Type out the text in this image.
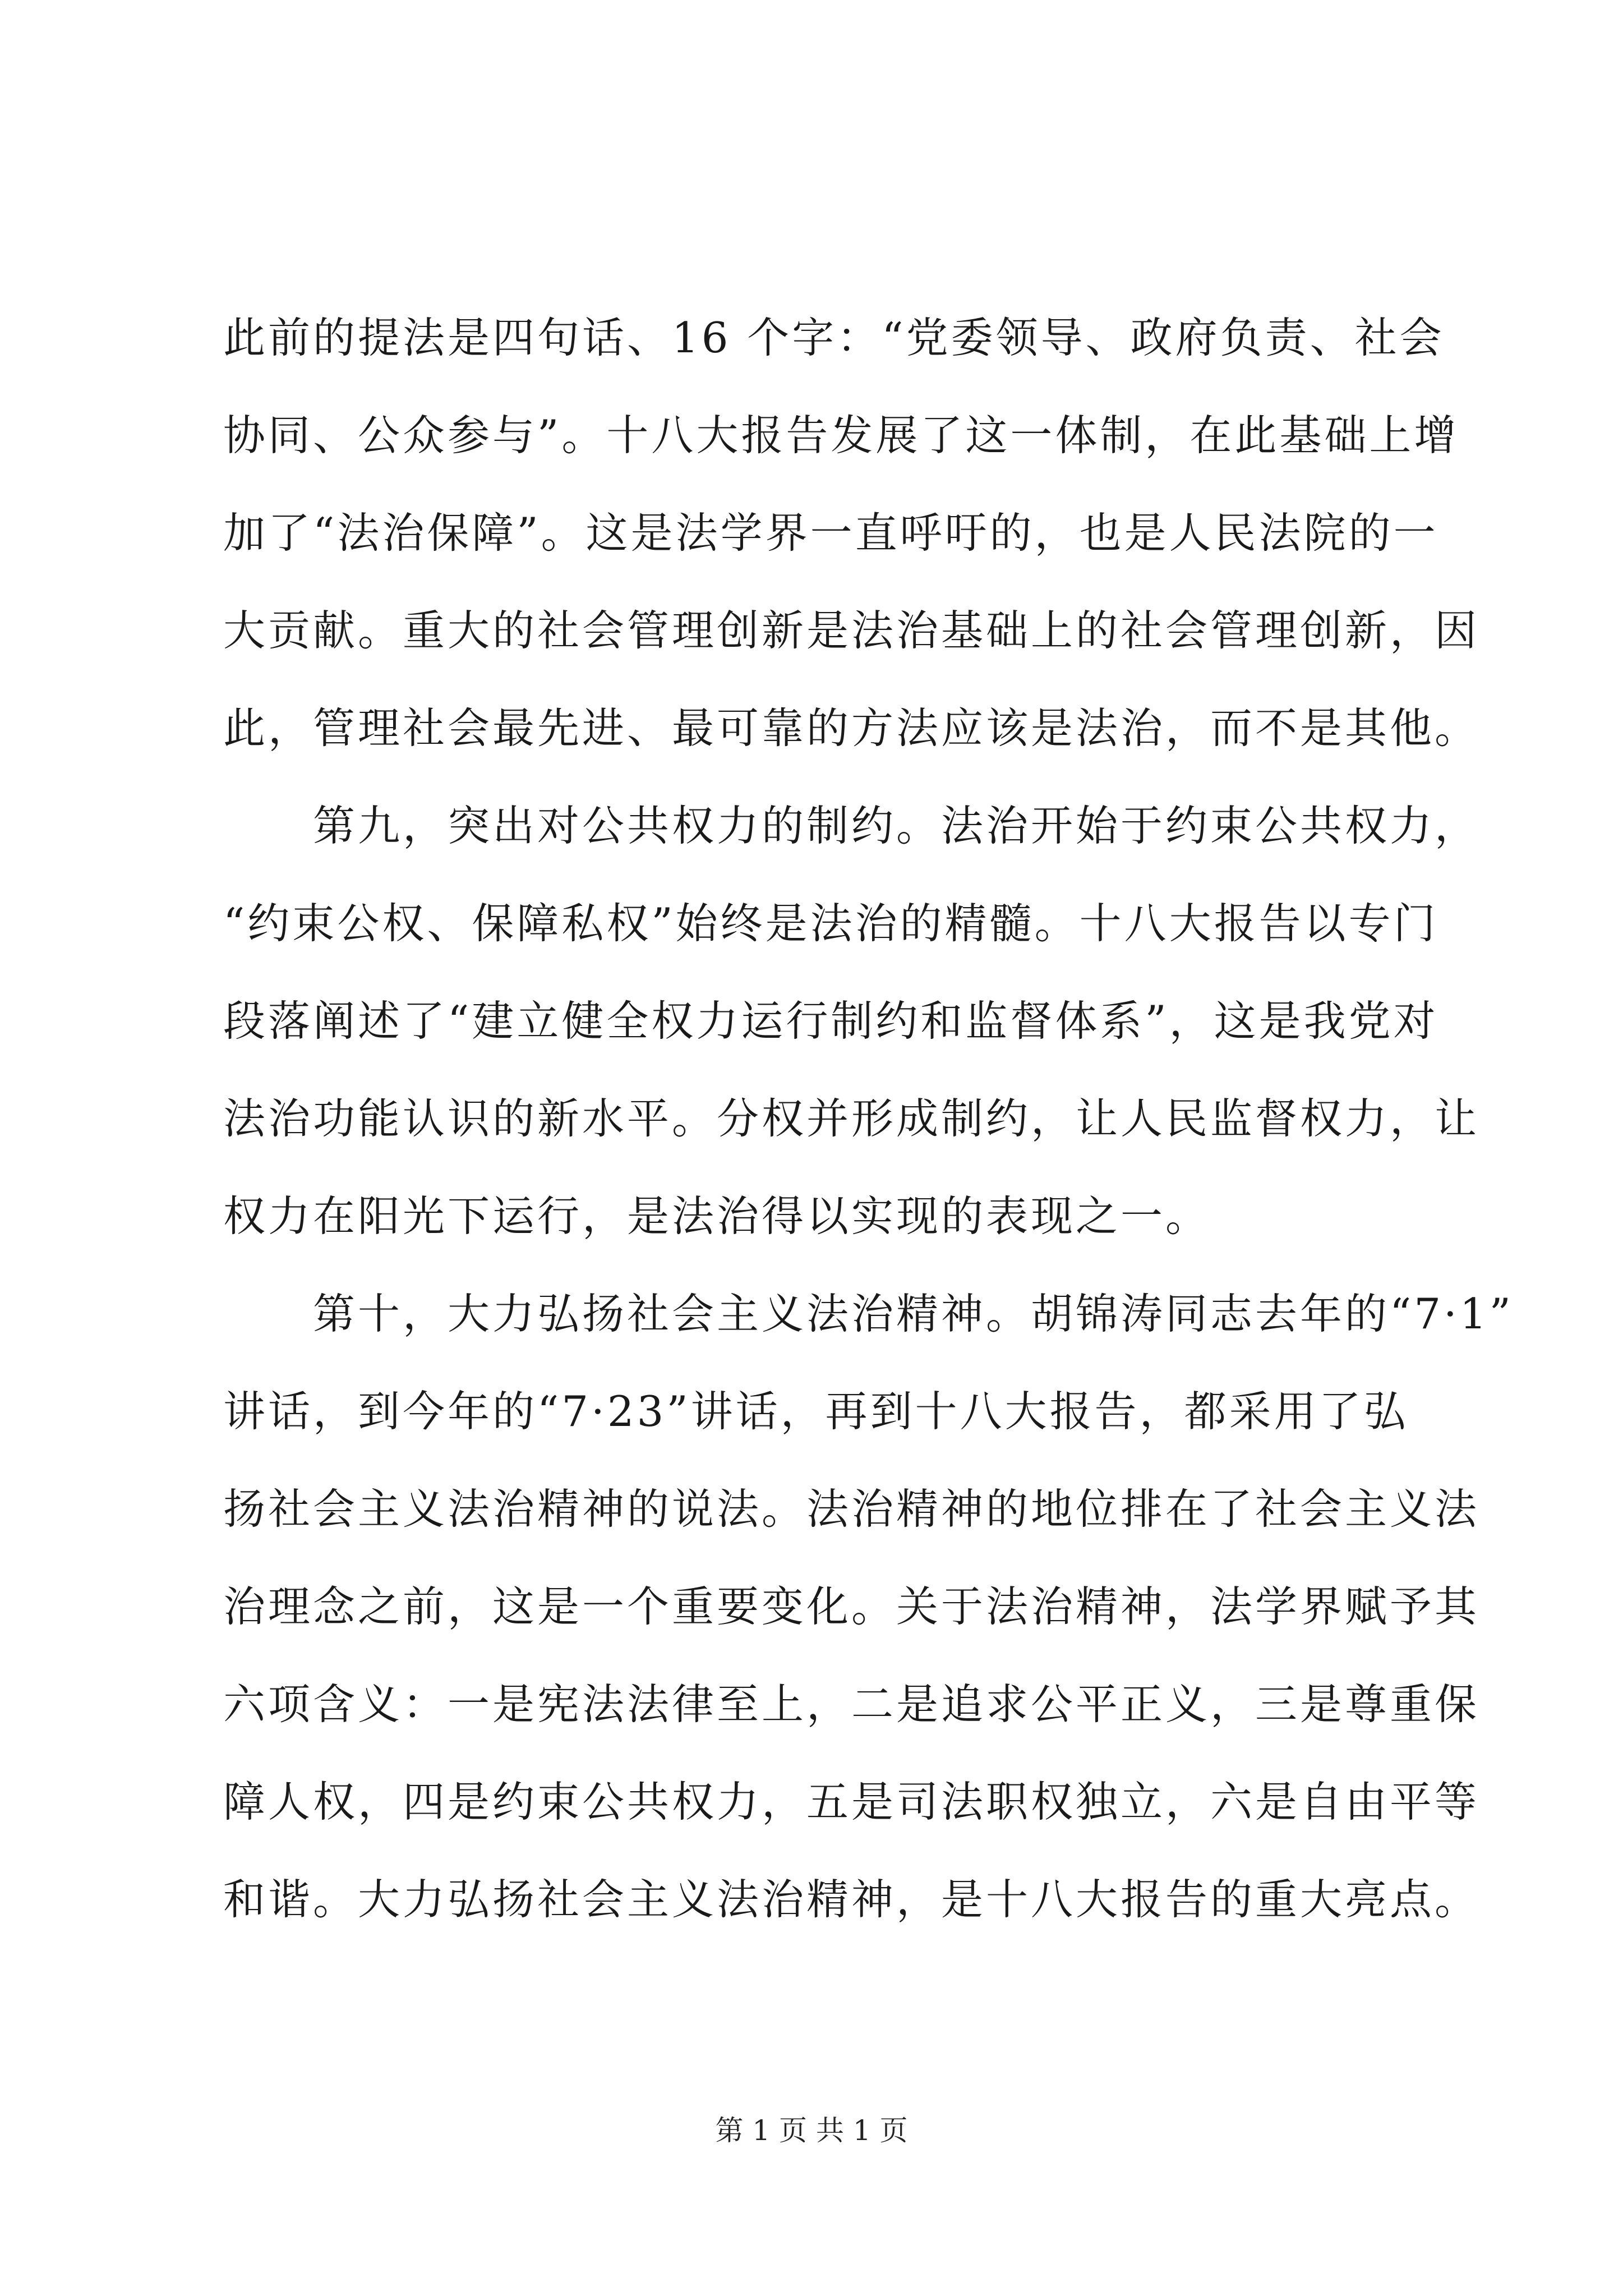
此前的提法是四句话、16 个字：“党委领导、政府负责、社会
协同、公众参与”。十八大报告发展了这一体制，在此基础上增
加了“法治保障”。这是法学界一直呼吁的，也是人民法院的一
大贡献。重大的社会管理创新是法治基础上的社会管理创新，因
此，管理社会最先进、最可靠的方法应该是法治，而不是其他。

　　第九，突出对公共权力的制约。法治开始于约束公共权力，
“约束公权、保障私权”始终是法治的精髓。十八大报告以专门
段落阐述了“建立健全权力运行制约和监督体系”，这是我党对
法治功能认识的新水平。分权并形成制约，让人民监督权力，让
权力在阳光下运行，是法治得以实现的表现之一。

　　第十，大力弘扬社会主义法治精神。胡锦涛同志去年的“7·1”
讲话，到今年的“7·23”讲话，再到十八大报告，都采用了弘
扬社会主义法治精神的说法。法治精神的地位排在了社会主义法
治理念之前，这是一个重要变化。关于法治精神，法学界赋予其
六项含义：一是宪法法律至上，二是追求公平正义，三是尊重保
障人权，四是约束公共权力，五是司法职权独立，六是自由平等
和谐。大力弘扬社会主义法治精神，是十八大报告的重大亮点。

第 1 页 共 1 页
